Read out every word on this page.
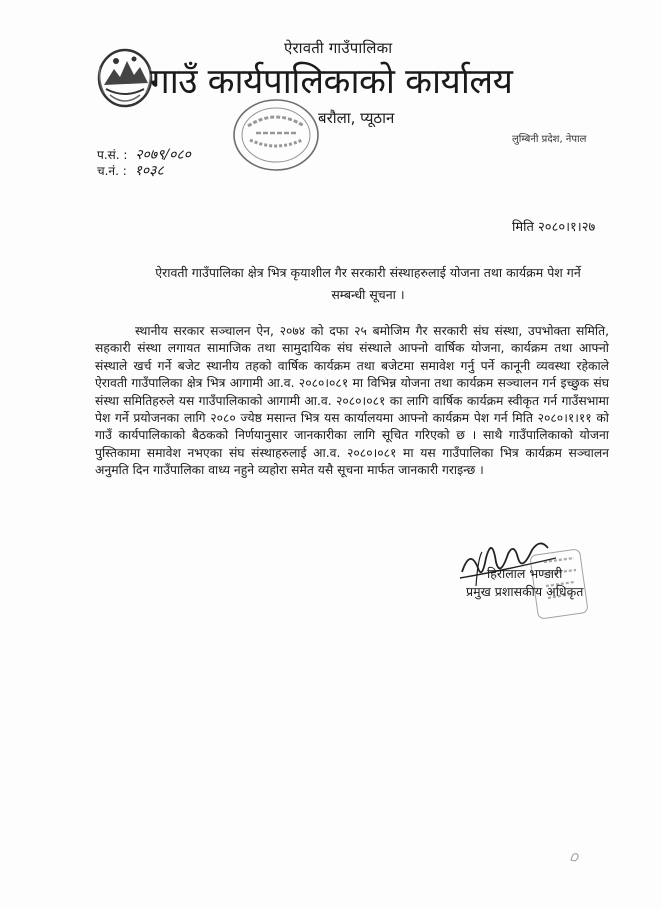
ऐरावती गाउँपालिका
गाउँ कार्यपालिकाको कार्यालय
बरौला, प्यूठान
लुम्बिनी प्रदेश, नेपाल
प.सं. : २०७९/०८०
च.नं. : १०३८
मिति २०८०।१।२७
ऐरावती गाउँपालिका क्षेत्र भित्र कृयाशील गैर सरकारी संस्थाहरुलाई योजना तथा कार्यक्रम पेश गर्ने
सम्बन्धी सूचना ।
स्थानीय सरकार सञ्चालन ऐन, २०७४ को दफा २५ बमोजिम गैर सरकारी संघ संस्था, उपभोक्ता समिति, सहकारी संस्था लगायत सामाजिक तथा सामुदायिक संघ संस्थाले आफ्नो वार्षिक योजना, कार्यक्रम तथा आफ्नो संस्थाले खर्च गर्ने बजेट स्थानीय तहको वार्षिक कार्यक्रम तथा बजेटमा समावेश गर्नु पर्ने कानूनी व्यवस्था रहेकाले ऐरावती गाउँपालिका क्षेत्र भित्र आगामी आ.व. २०८०।०८१ मा विभिन्न योजना तथा कार्यक्रम सञ्चालन गर्न इच्छुक संघ संस्था समितिहरुले यस गाउँपालिकाको आगामी आ.व. २०८०।०८१ का लागि वार्षिक कार्यक्रम स्वीकृत गर्न गाउँसभामा पेश गर्ने प्रयोजनका लागि २०८० ज्येष्ठ मसान्त भित्र यस कार्यालयमा आफ्नो कार्यक्रम पेश गर्न मिति २०८०।१।११ को गाउँ कार्यपालिकाको बैठकको निर्णयानुसार जानकारीका लागि सूचित गरिएको छ । साथै गाउँपालिकाको योजना पुस्तिकामा समावेश नभएका संघ संस्थाहरुलाई आ.व. २०८०।०८१ मा यस गाउँपालिका भित्र कार्यक्रम सञ्चालन अनुमति दिन गाउँपालिका वाध्य नहुने व्यहोरा समेत यसै सूचना मार्फत जानकारी गराइन्छ ।
हिरालाल भण्डारी
प्रमुख प्रशासकीय अधिकृत
